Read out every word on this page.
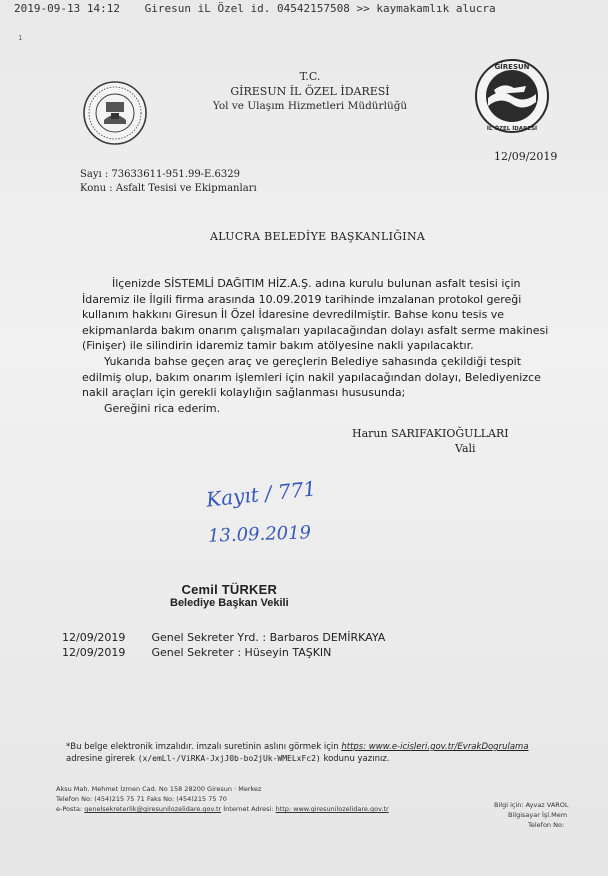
2019-09-13 14:12 Giresun iL Özel id. 04542157508 >> kaymakamlık alucra
1
T.C.
GİRESUN İL ÖZEL İDARESİ
Yol ve Ulaşım Hizmetleri Müdürlüğü
GİRESUN
İL ÖZEL İDARESİ
12/09/2019
Sayı : 73633611-951.99-E.6329
Konu : Asfalt Tesisi ve Ekipmanları
ALUCRA BELEDİYE BAŞKANLIĞINA

İlçenizde SİSTEMLİ DAĞITIM HİZ.A.Ş. adına kurulu bulunan asfalt tesisi için İdaremiz ile İlgili firma arasında 10.09.2019 tarihinde imzalanan protokol gereği kullanım hakkını Giresun İl Özel İdaresine devredilmiştir. Bahse konu tesis ve ekipmanlarda bakım onarım çalışmaları yapılacağından dolayı asfalt serme makinesi (Finişer) ile silindirin idaremiz tamir bakım atölyesine nakli yapılacaktır.

Yukarıda bahse geçen araç ve gereçlerin Belediye sahasında çekildiği tespit edilmiş olup, bakım onarım işlemleri için nakil yapılacağından dolayı, Belediyenizce nakil araçları için gerekli kolaylığın sağlanması hususunda;

Gereğini rica ederim.

Harun SARIFAKIOĞULLARI
Vali
Kayıt / 771
13.09.2019
Cemil TÜRKER
Belediye Başkan Vekili
12/09/2019 Genel Sekreter Yrd. : Barbaros DEMİRKAYA
12/09/2019 Genel Sekreter : Hüseyin TAŞKIN
*Bu belge elektronik imzalıdır. imzalı suretinin aslını görmek için https: www.e-icisleri.gov.tr/EvrakDogrulama adresine girerek (x/emLl-/ViRKA-JxjJ0b-bo2jUk-WMELxFc2) kodunu yazınız.
Aksu Mah. Mehmet İzmen Cad. No 158 28200 Giresun · Merkez
Telefon No: (454)215 75 71 Faks No: (454)215 75 70
e-Posta: genelsekreterlik@giresunilozelidare.gov.tr İnternet Adresi: http: www.giresunilozelidare.gov.tr	Bilgi için: Ayvaz VAROL
Bilgisayar İşl.Mem
Telefon No:
